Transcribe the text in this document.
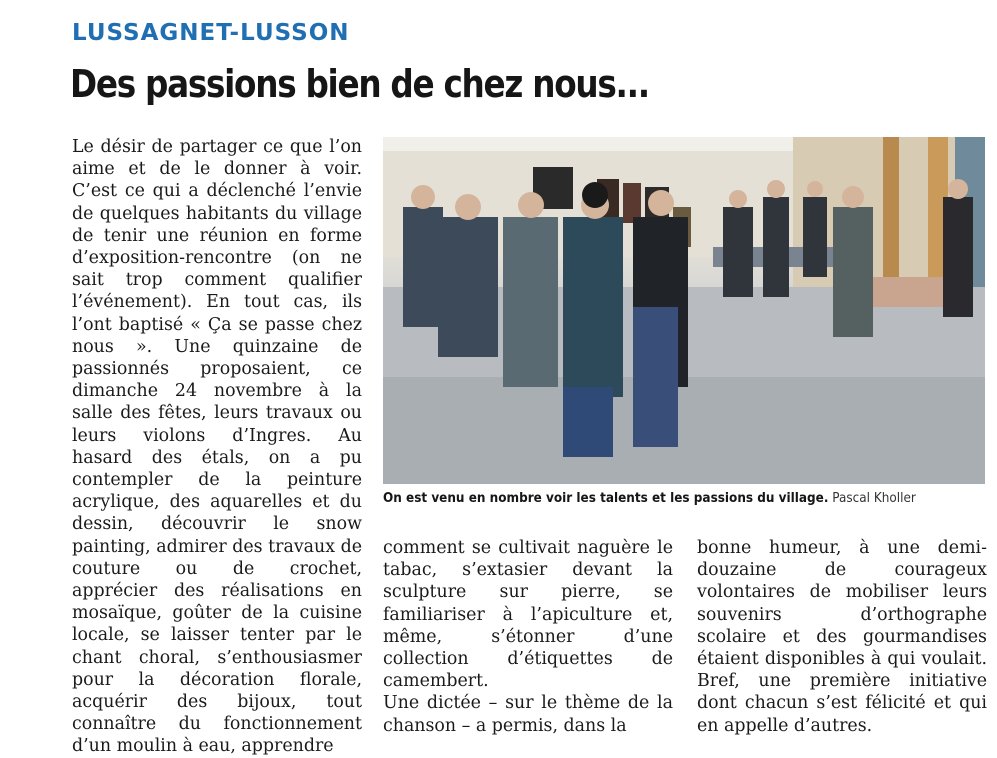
LUSSAGNET-LUSSON
Des passions bien de chez nous...

Le désir de partager ce que l’on aime et de le donner à voir. C’est ce qui a déclenché l’envie de quelques habitants du village de tenir une réunion en forme d’exposition-rencontre (on ne sait trop comment qualifier l’événement). En tout cas, ils l’ont baptisé « Ça se passe chez nous ». Une quinzaine de passionnés proposaient, ce dimanche 24 novembre à la salle des fêtes, leurs travaux ou leurs violons d’Ingres. Au hasard des étals, on a pu contempler de la peinture acrylique, des aquarelles et du dessin, découvrir le snow painting, admirer des travaux de couture ou de crochet, apprécier des réalisations en mosaïque, goûter de la cuisine locale, se laisser tenter par le chant choral, s’enthousiasmer pour la décoration florale, acquérir des bijoux, tout connaître du fonctionnement d’un moulin à eau, apprendre

On est venu en nombre voir les talents et les passions du village. Pascal Kholler

comment se cultivait naguère le tabac, s’extasier devant la sculpture sur pierre, se familiariser à l’apiculture et, même, s’étonner d’une collection d’étiquettes de camembert.

Une dictée – sur le thème de la chanson – a permis, dans la

bonne humeur, à une demi-douzaine de courageux volontaires de mobiliser leurs souvenirs d’orthographe scolaire et des gourmandises étaient disponibles à qui voulait. Bref, une première initiative dont chacun s’est félicité et qui en appelle d’autres.
